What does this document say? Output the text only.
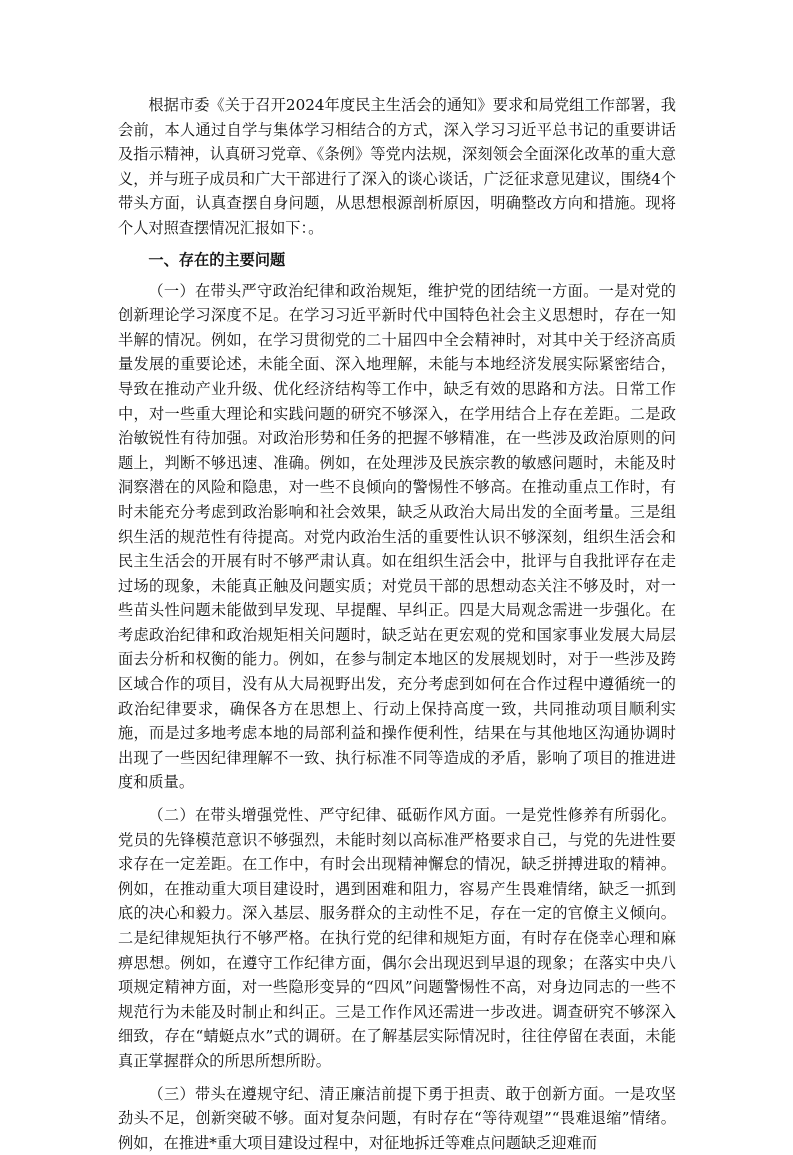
根据市委《关于召开2024年度民主生活会的通知》要求和局党组工作部署，我会前，本人通过自学与集体学习相结合的方式，深入学习习近平总书记的重要讲话及指示精神，认真研习党章、《条例》等党内法规，深刻领会全面深化改革的重大意义，并与班子成员和广大干部进行了深入的谈心谈话，广泛征求意见建议，围绕4个带头方面，认真查摆自身问题，从思想根源剖析原因，明确整改方向和措施。现将个人对照查摆情况汇报如下：。

一、存在的主要问题

（一）在带头严守政治纪律和政治规矩，维护党的团结统一方面。一是对党的创新理论学习深度不足。在学习习近平新时代中国特色社会主义思想时，存在一知半解的情况。例如，在学习贯彻党的二十届四中全会精神时，对其中关于经济高质量发展的重要论述，未能全面、深入地理解，未能与本地经济发展实际紧密结合，导致在推动产业升级、优化经济结构等工作中，缺乏有效的思路和方法。日常工作中，对一些重大理论和实践问题的研究不够深入，在学用结合上存在差距。二是政治敏锐性有待加强。对政治形势和任务的把握不够精准，在一些涉及政治原则的问题上，判断不够迅速、准确。例如，在处理涉及民族宗教的敏感问题时，未能及时洞察潜在的风险和隐患，对一些不良倾向的警惕性不够高。在推动重点工作时，有时未能充分考虑到政治影响和社会效果，缺乏从政治大局出发的全面考量。三是组织生活的规范性有待提高。对党内政治生活的重要性认识不够深刻，组织生活会和民主生活会的开展有时不够严肃认真。如在组织生活会中，批评与自我批评存在走过场的现象，未能真正触及问题实质；对党员干部的思想动态关注不够及时，对一些苗头性问题未能做到早发现、早提醒、早纠正。四是大局观念需进一步强化。在考虑政治纪律和政治规矩相关问题时，缺乏站在更宏观的党和国家事业发展大局层面去分析和权衡的能力。例如，在参与制定本地区的发展规划时，对于一些涉及跨区域合作的项目，没有从大局视野出发，充分考虑到如何在合作过程中遵循统一的政治纪律要求，确保各方在思想上、行动上保持高度一致，共同推动项目顺利实施，而是过多地考虑本地的局部利益和操作便利性，结果在与其他地区沟通协调时出现了一些因纪律理解不一致、执行标准不同等造成的矛盾，影响了项目的推进进度和质量。

（二）在带头增强党性、严守纪律、砥砺作风方面。一是党性修养有所弱化。党员的先锋模范意识不够强烈，未能时刻以高标准严格要求自己，与党的先进性要求存在一定差距。在工作中，有时会出现精神懈怠的情况，缺乏拼搏进取的精神。例如，在推动重大项目建设时，遇到困难和阻力，容易产生畏难情绪，缺乏一抓到底的决心和毅力。深入基层、服务群众的主动性不足，存在一定的官僚主义倾向。二是纪律规矩执行不够严格。在执行党的纪律和规矩方面，有时存在侥幸心理和麻痹思想。例如，在遵守工作纪律方面，偶尔会出现迟到早退的现象；在落实中央八项规定精神方面，对一些隐形变异的“四风”问题警惕性不高，对身边同志的一些不规范行为未能及时制止和纠正。三是工作作风还需进一步改进。调查研究不够深入细致，存在“蜻蜓点水”式的调研。在了解基层实际情况时，往往停留在表面，未能真正掌握群众的所思所想所盼。

（三）带头在遵规守纪、清正廉洁前提下勇于担责、敢于创新方面。一是攻坚劲头不足，创新突破不够。面对复杂问题，有时存在“等待观望”“畏难退缩”情绪。例如，在推进*重大项目建设过程中，对征地拆迁等难点问题缺乏迎难而
